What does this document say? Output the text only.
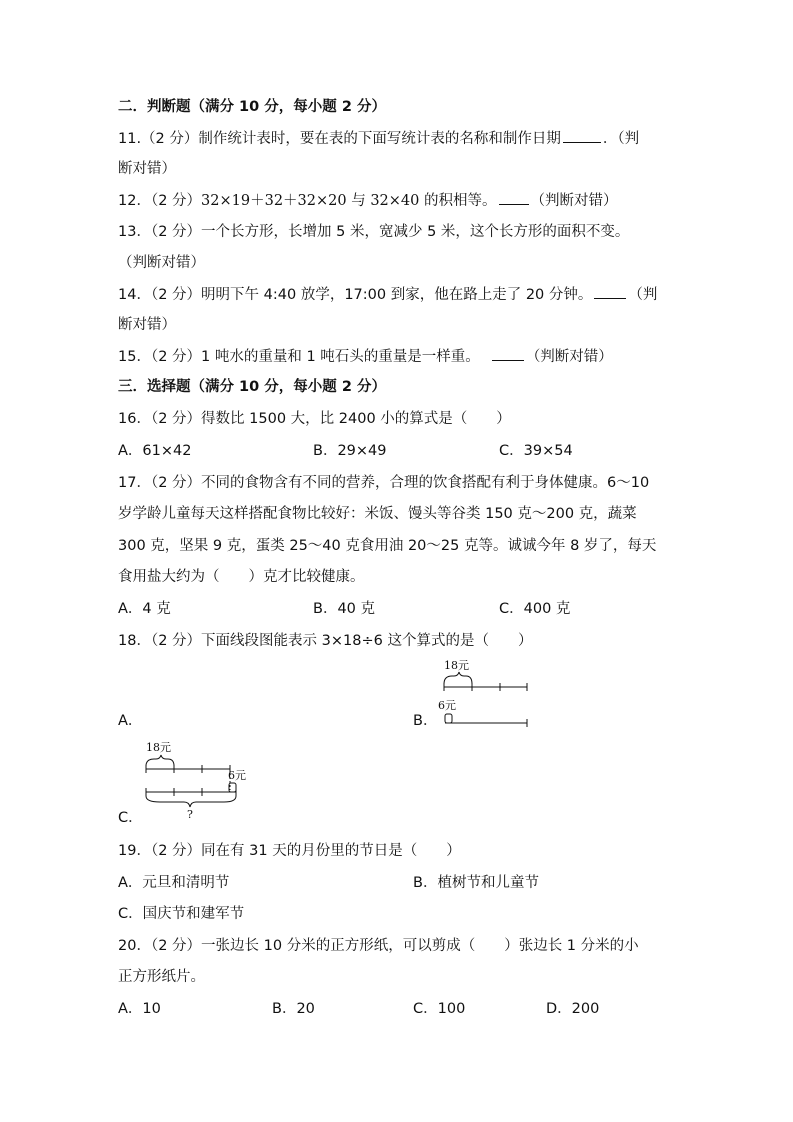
二．判断题（满分 10 分，每小题 2 分）
11.（2 分）制作统计表时，要在表的下面写统计表的名称和制作日期	．（判
断对错）
12．（2 分）32×19＋32＋32×20 与 32×40 的积相等。 （判断对错）
13．（2 分）一个长方形，长增加 5 米，宽减少 5 米，这个长方形的面积不变。
（判断对错）
14．（2 分）明明下午 4:40 放学，17:00 到家，他在路上走了 20 分钟。 （判
断对错）
15．（2 分）1 吨水的重量和 1 吨石头的重量是一样重。	（判断对错）
三．选择题（满分 10 分，每小题 2 分）
16．（2 分）得数比 1500 大，比 2400 小的算式是（　　）
A．61×42	B．29×49	C．39×54
17．（2 分）不同的食物含有不同的营养，合理的饮食搭配有利于身体健康。6～10
岁学龄儿童每天这样搭配食物比较好：米饭、馒头等谷类 150 克～200 克，蔬菜
300 克，坚果 9 克，蛋类 25～40 克食用油 20～25 克等。诚诚今年 8 岁了，每天
食用盐大约为（　　）克才比较健康。
A．4 克	B．40 克	C．400 克
18．（2 分）下面线段图能表示 3×18÷6 这个算式的是（　　）
A．	B．
18元
6元
18元
6元
?
C．
19．（2 分）同在有 31 天的月份里的节日是（　　）
A．元旦和清明节	B．植树节和儿童节
C．国庆节和建军节
20．（2 分）一张边长 10 分米的正方形纸，可以剪成（　　）张边长 1 分米的小
正方形纸片。
A．10	B．20	C．100	D．200
